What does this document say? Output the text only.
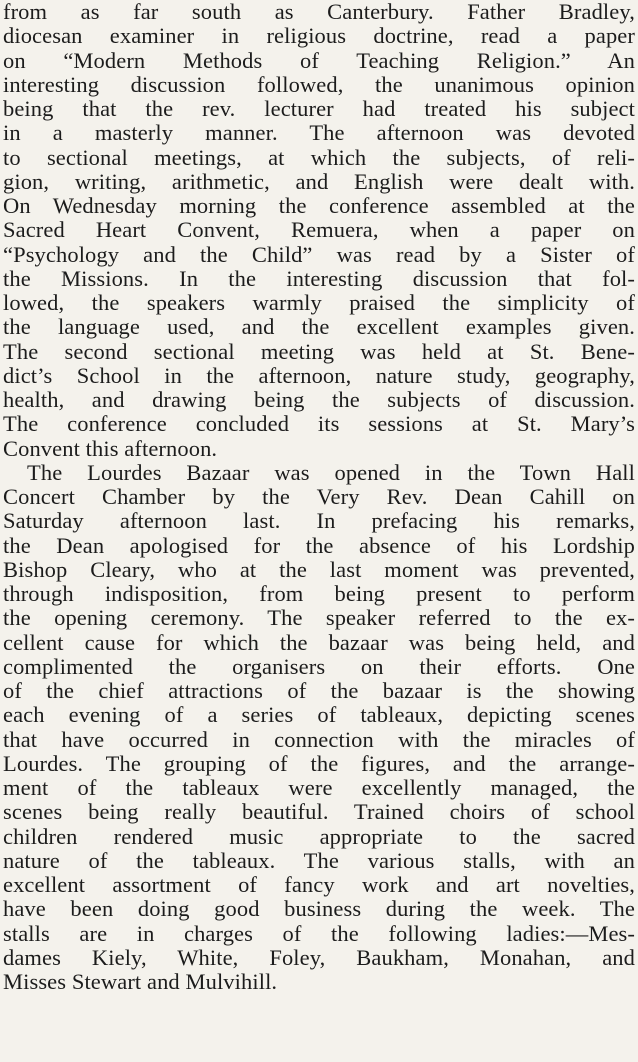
from as far south as Canterbury. Father Bradley,
diocesan examiner in religious doctrine, read a paper
on “Modern Methods of Teaching Religion.” An
interesting discussion followed, the unanimous opinion
being that the rev. lecturer had treated his subject
in a masterly manner. The afternoon was devoted
to sectional meetings, at which the subjects, of reli-
gion, writing, arithmetic, and English were dealt with.
On Wednesday morning the conference assembled at the
Sacred Heart Convent, Remuera, when a paper on
“Psychology and the Child” was read by a Sister of
the Missions. In the interesting discussion that fol-
lowed, the speakers warmly praised the simplicity of
the language used, and the excellent examples given.
The second sectional meeting was held at St. Bene-
dict’s School in the afternoon, nature study, geography,
health, and drawing being the subjects of discussion.
The conference concluded its sessions at St. Mary’s
Convent this afternoon.
The Lourdes Bazaar was opened in the Town Hall
Concert Chamber by the Very Rev. Dean Cahill on
Saturday afternoon last. In prefacing his remarks,
the Dean apologised for the absence of his Lordship
Bishop Cleary, who at the last moment was prevented,
through indisposition, from being present to perform
the opening ceremony. The speaker referred to the ex-
cellent cause for which the bazaar was being held, and
complimented the organisers on their efforts. One
of the chief attractions of the bazaar is the showing
each evening of a series of tableaux, depicting scenes
that have occurred in connection with the miracles of
Lourdes. The grouping of the figures, and the arrange-
ment of the tableaux were excellently managed, the
scenes being really beautiful. Trained choirs of school
children rendered music appropriate to the sacred
nature of the tableaux. The various stalls, with an
excellent assortment of fancy work and art novelties,
have been doing good business during the week. The
stalls are in charges of the following ladies:—Mes-
dames Kiely, White, Foley, Baukham, Monahan, and
Misses Stewart and Mulvihill.
